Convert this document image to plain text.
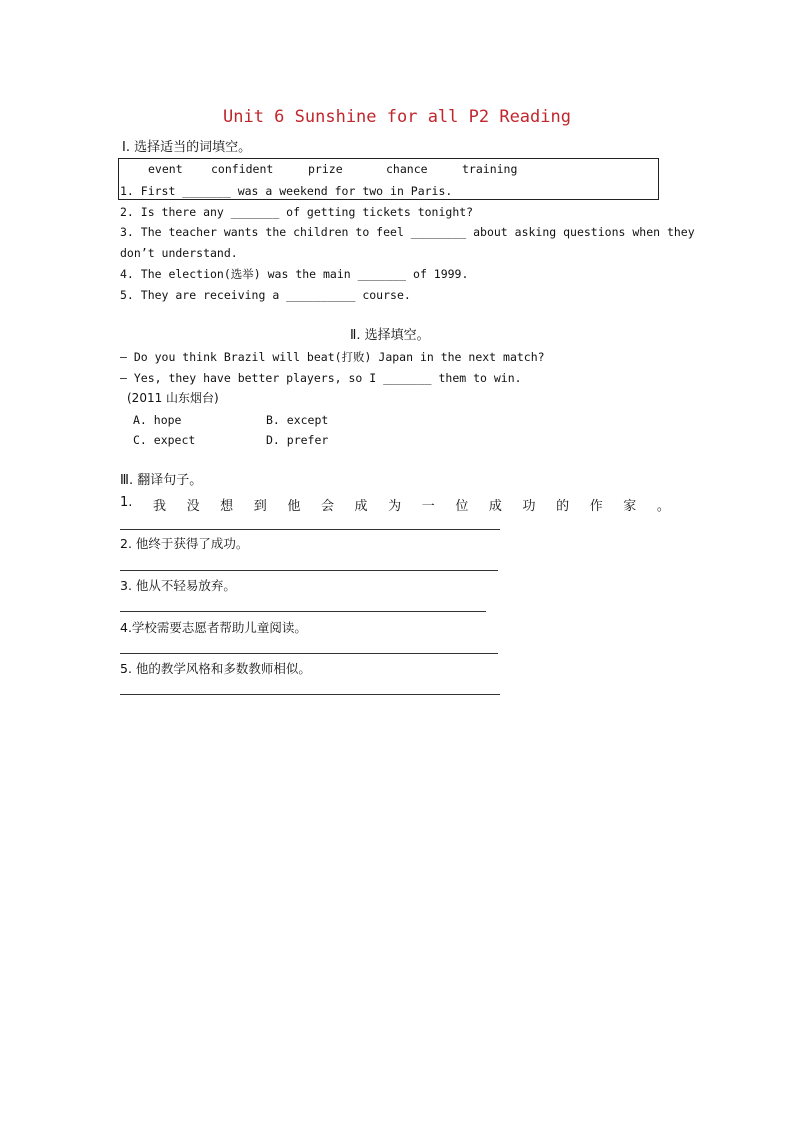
Unit 6 Sunshine for all P2 Reading
Ⅰ. 选择适当的词填空。
event confident	prize	chance	training
1. First _______ was a weekend for two in Paris.
2. Is there any _______ of getting tickets tonight?
3. The teacher wants the children to feel ________ about asking questions when they
don’t understand.
4. The election(选举) was the main _______ of 1999.
5. They are receiving a __________ course.
Ⅱ. 选择填空。
— Do you think Brazil will beat(打败) Japan in the next match?
— Yes, they have better players, so I _______ them to win.
(2011 山东烟台)
A. hope	B. except
C. expect	D. prefer
Ⅲ. 翻译句子。
1. 我 没 想 到 他 会 成 为 一 位 成 功 的 作 家 。
2. 他终于获得了成功。
3. 他从不轻易放弃。
4.学校需要志愿者帮助儿童阅读。
5. 他的教学风格和多数教师相似。
